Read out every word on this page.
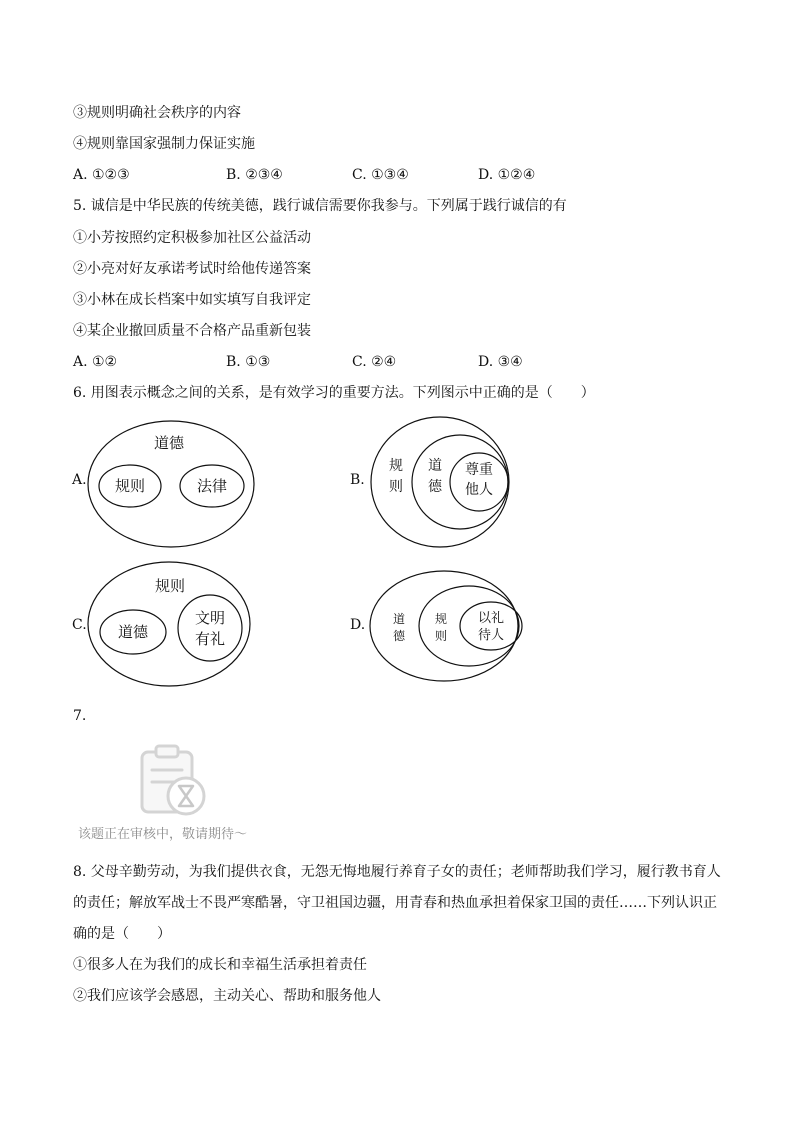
③规则明确社会秩序的内容
④规则靠国家强制力保证实施
A. ①②③	B. ②③④	C. ①③④	D. ①②④
5. 诚信是中华民族的传统美德，践行诚信需要你我参与。下列属于践行诚信的有
①小芳按照约定积极参加社区公益活动
②小亮对好友承诺考试时给他传递答案
③小林在成长档案中如实填写自我评定
④某企业撤回质量不合格产品重新包装
A. ①②	B. ①③	C. ②④	D. ③④
6. 用图表示概念之间的关系，是有效学习的重要方法。下列图示中正确的是（　　）
A.
道德
规则	法律	B.
规
则
道
德
尊重
他人
C.
规则
道德
文明
有礼
D. 道
德
规
则
以礼
待人
7.
该题正在审核中，敬请期待～
8. 父母辛勤劳动，为我们提供衣食，无怨无悔地履行养育子女的责任；老师帮助我们学习，履行教书育人
的责任；解放军战士不畏严寒酷暑，守卫祖国边疆，用青春和热血承担着保家卫国的责任……下列认识正
确的是（　　）
①很多人在为我们的成长和幸福生活承担着责任
②我们应该学会感恩，主动关心、帮助和服务他人
